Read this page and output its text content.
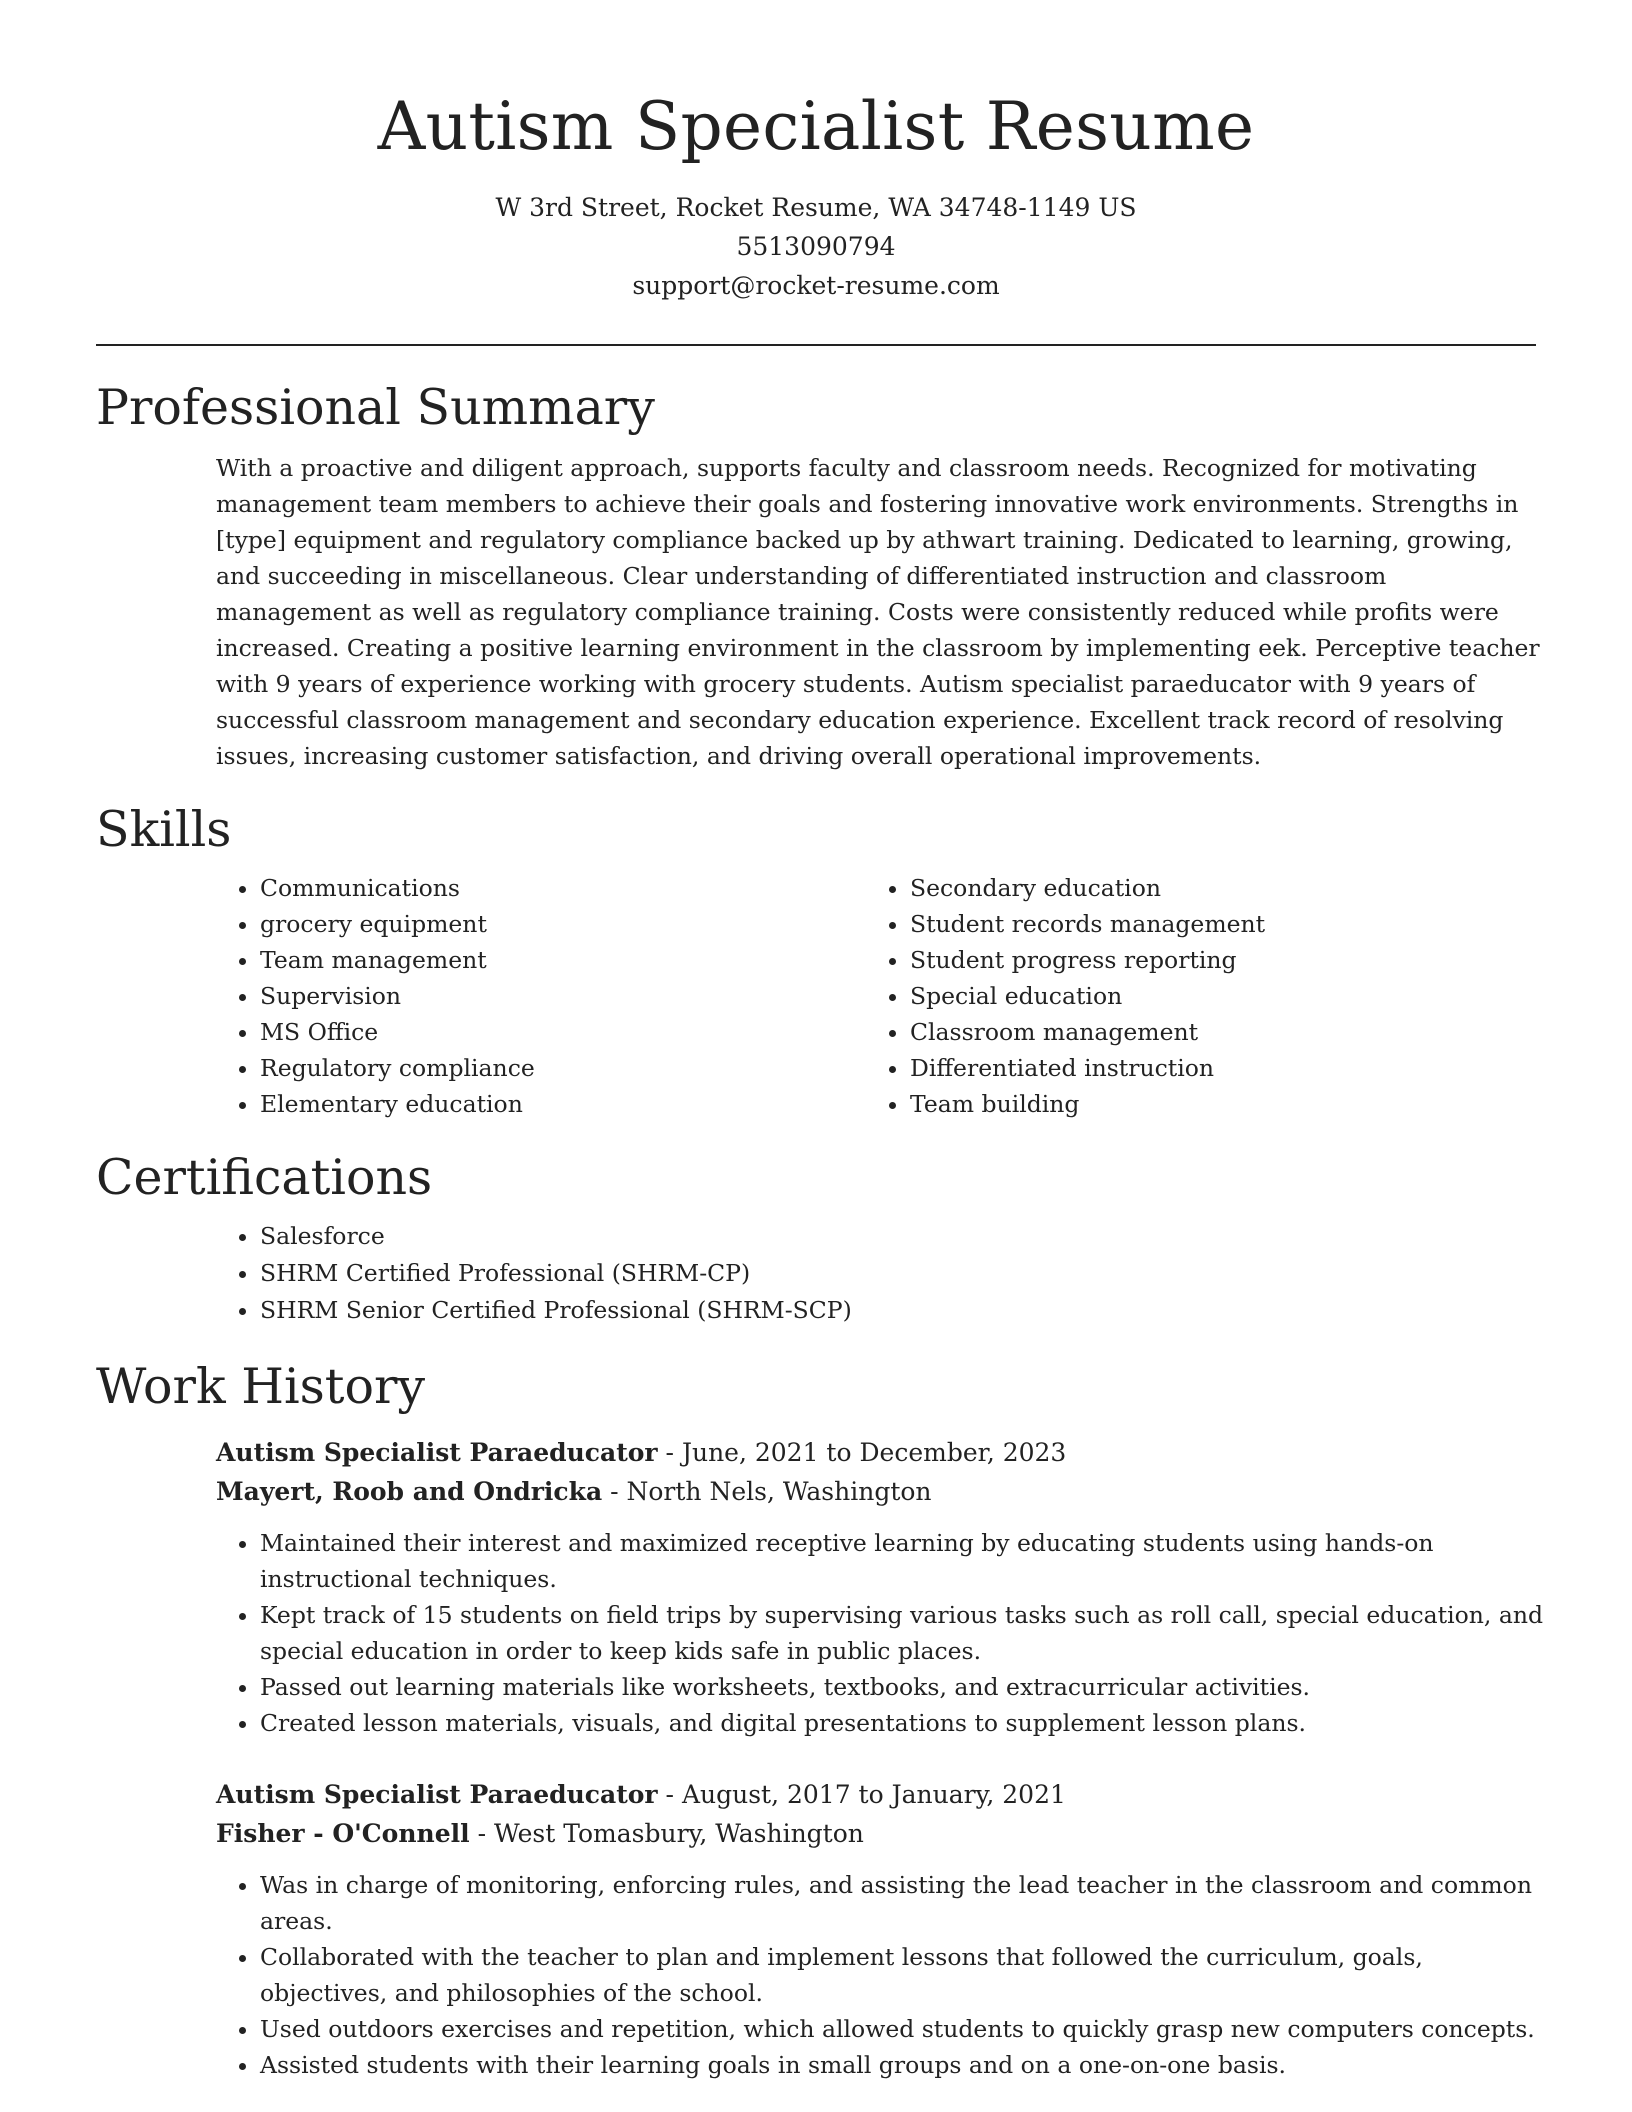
Autism Specialist Resume
W 3rd Street, Rocket Resume, WA 34748-1149 US
5513090794
support@rocket-resume.com
Professional Summary

With a proactive and diligent approach, supports faculty and classroom needs. Recognized for motivating management team members to achieve their goals and fostering innovative work environments. Strengths in [type] equipment and regulatory compliance backed up by athwart training. Dedicated to learning, growing, and succeeding in miscellaneous. Clear understanding of differentiated instruction and classroom management as well as regulatory compliance training. Costs were consistently reduced while profits were increased. Creating a positive learning environment in the classroom by implementing eek. Perceptive teacher with 9 years of experience working with grocery students. Autism specialist paraeducator with 9 years of successful classroom management and secondary education experience. Excellent track record of resolving issues, increasing customer satisfaction, and driving overall operational improvements.

Skills
• Communications
• grocery equipment
• Team management
• Supervision
• MS Office
• Regulatory compliance
• Elementary education
• Secondary education
• Student records management
• Student progress reporting
• Special education
• Classroom management
• Differentiated instruction
• Team building
Certifications
• Salesforce
• SHRM Certified Professional (SHRM-CP)
• SHRM Senior Certified Professional (SHRM-SCP)
Work History
Autism Specialist Paraeducator - June, 2021 to December, 2023
Mayert, Roob and Ondricka - North Nels, Washington
• Maintained their interest and maximized receptive learning by educating students using hands-on instructional techniques.
• Kept track of 15 students on field trips by supervising various tasks such as roll call, special education, and special education in order to keep kids safe in public places.
• Passed out learning materials like worksheets, textbooks, and extracurricular activities.
• Created lesson materials, visuals, and digital presentations to supplement lesson plans.
Autism Specialist Paraeducator - August, 2017 to January, 2021
Fisher - O'Connell - West Tomasbury, Washington
• Was in charge of monitoring, enforcing rules, and assisting the lead teacher in the classroom and common areas.
• Collaborated with the teacher to plan and implement lessons that followed the curriculum, goals, objectives, and philosophies of the school.
• Used outdoors exercises and repetition, which allowed students to quickly grasp new computers concepts.
• Assisted students with their learning goals in small groups and on a one-on-one basis.
